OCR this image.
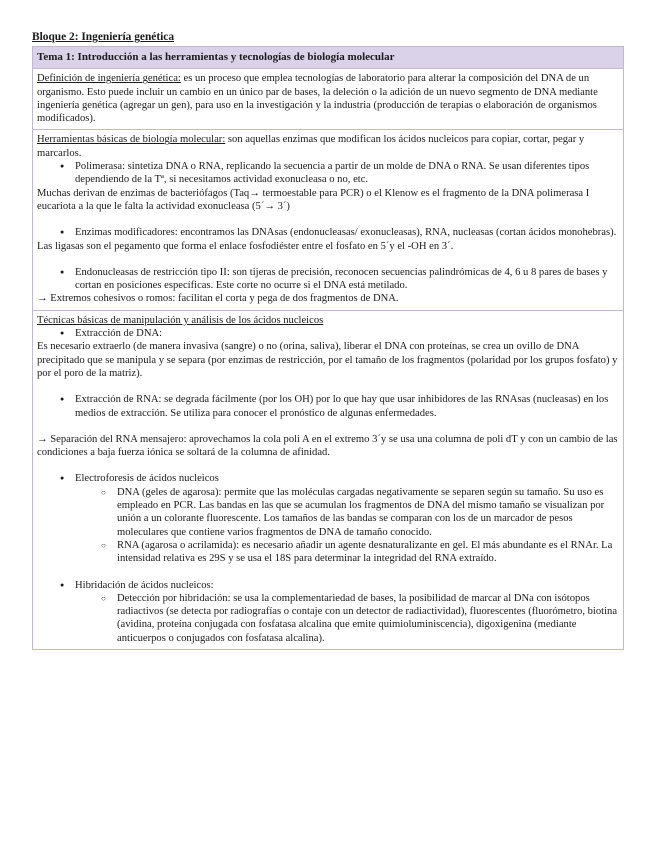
Bloque 2: Ingeniería genética
Tema 1: Introducción a las herramientas y tecnologías de biología molecular

Definición de ingeniería genética: es un proceso que emplea tecnologías de laboratorio para alterar la composición del DNA de un organismo. Esto puede incluir un cambio en un único par de bases, la deleción o la adición de un nuevo segmento de DNA mediante ingeniería genética (agregar un gen), para uso en la investigación y la industria (producción de terapias o elaboración de organismos modificados).

Herramientas básicas de biología molecular: son aquellas enzimas que modifican los ácidos nucleicos para copiar, cortar, pegar y marcarlos.

● Polimerasa: sintetiza DNA o RNA, replicando la secuencia a partir de un molde de DNA o RNA. Se usan diferentes tipos dependiendo de la Tª, si necesitamos actividad exonucleasa o no, etc.

Muchas derivan de enzimas de bacteriófagos (Taq→ termoestable para PCR) o el Klenow es el fragmento de la DNA polimerasa I eucariota a la que le falta la actividad exonucleasa (5´→ 3´)

● Enzimas modificadores: encontramos las DNAsas (endonucleasas/ exonucleasas), RNA, nucleasas (cortan ácidos monohebras).

Las ligasas son el pegamento que forma el enlace fosfodiéster entre el fosfato en 5´y el -OH en 3´.

● Endonucleasas de restricción tipo II: son tijeras de precisión, reconocen secuencias palindrómicas de 4, 6 u 8 pares de bases y cortan en posiciones específicas. Este corte no ocurre si el DNA está metilado.

→ Extremos cohesivos o romos: facilitan el corta y pega de dos fragmentos de DNA.

Técnicas básicas de manipulación y análisis de los ácidos nucleicos

● Extracción de DNA:

Es necesario extraerlo (de manera invasiva (sangre) o no (orina, saliva), liberar el DNA con proteínas, se crea un ovillo de DNA precipitado que se manipula y se separa (por enzimas de restricción, por el tamaño de los fragmentos (polaridad por los grupos fosfato) y por el poro de la matriz).

● Extracción de RNA: se degrada fácilmente (por los OH) por lo que hay que usar inhibidores de las RNAsas (nucleasas) en los medios de extracción. Se utiliza para conocer el pronóstico de algunas enfermedades.

→ Separación del RNA mensajero: aprovechamos la cola poli A en el extremo 3´y se usa una columna de poli dT y con un cambio de las condiciones a baja fuerza iónica se soltará de la columna de afinidad.

● Electroforesis de ácidos nucleicos

○ DNA (geles de agarosa): permite que las moléculas cargadas negativamente se separen según su tamaño. Su uso es empleado en PCR. Las bandas en las que se acumulan los fragmentos de DNA del mismo tamaño se visualizan por unión a un colorante fluorescente. Los tamaños de las bandas se comparan con los de un marcador de pesos moleculares que contiene varios fragmentos de DNA de tamaño conocido.

○ RNA (agarosa o acrilamida): es necesario añadir un agente desnaturalizante en gel. El más abundante es el RNAr. La intensidad relativa es 29S y se usa el 18S para determinar la integridad del RNA extraído.

● Hibridación de ácidos nucleicos:

○ Detección por hibridación: se usa la complementariedad de bases, la posibilidad de marcar al DNa con isótopos radiactivos (se detecta por radiografías o contaje con un detector de radiactividad), fluorescentes (fluorómetro, biotina (avidina, proteína conjugada con fosfatasa alcalina que emite quimioluminiscencia), digoxigenina (mediante anticuerpos o conjugados con fosfatasa alcalina).
